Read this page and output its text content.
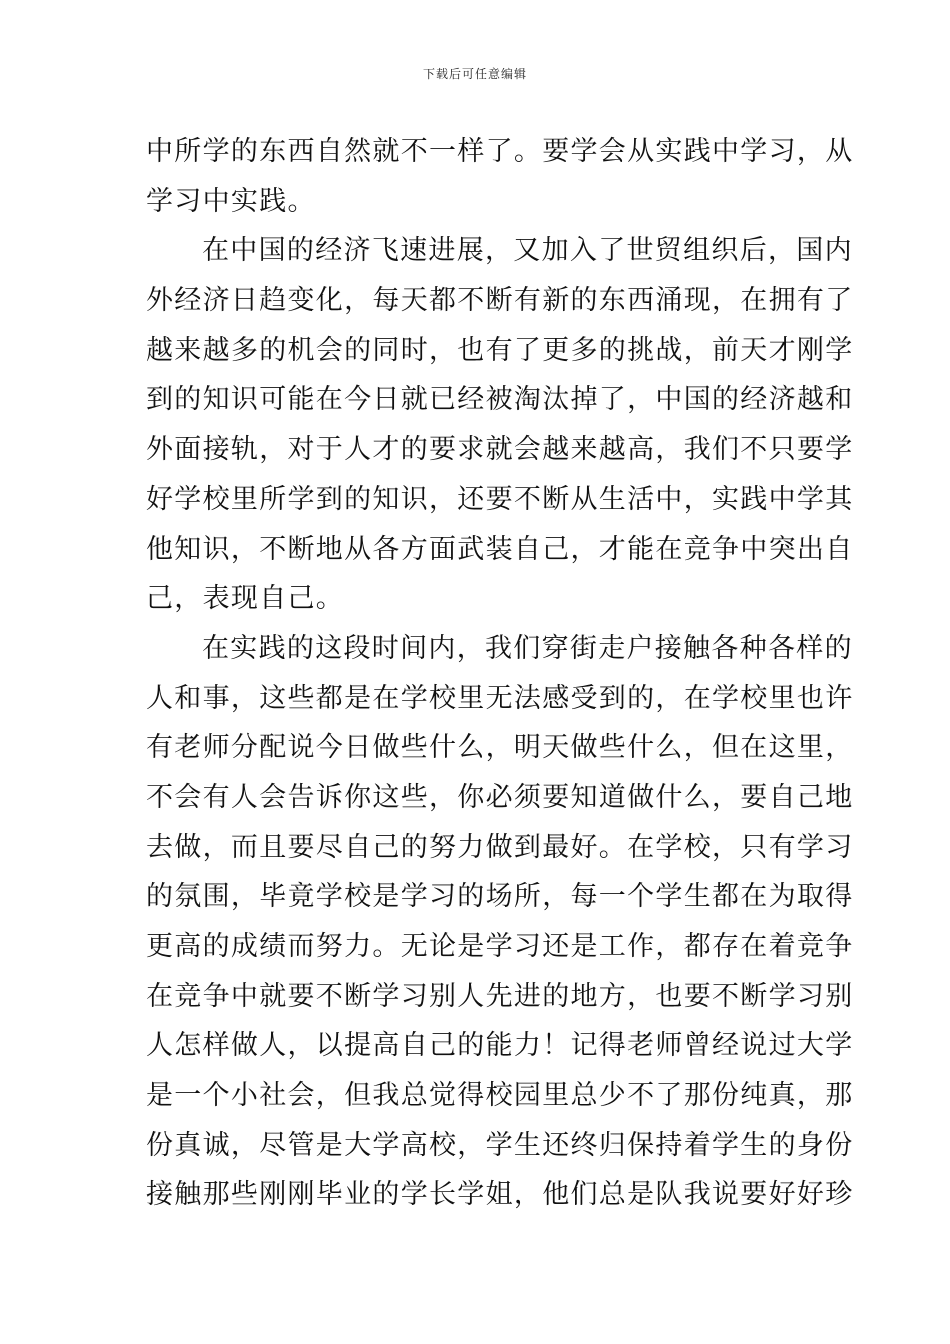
下载后可任意编辑
中所学的东西自然就不一样了。要学会从实践中学习，从
学习中实践。
在中国的经济飞速进展，又加入了世贸组织后，国内
外经济日趋变化，每天都不断有新的东西涌现，在拥有了
越来越多的机会的同时，也有了更多的挑战，前天才刚学
到的知识可能在今日就已经被淘汰掉了，中国的经济越和
外面接轨，对于人才的要求就会越来越高，我们不只要学
好学校里所学到的知识，还要不断从生活中，实践中学其
他知识，不断地从各方面武装自己，才能在竞争中突出自
己，表现自己。
在实践的这段时间内，我们穿街走户接触各种各样的
人和事，这些都是在学校里无法感受到的，在学校里也许
有老师分配说今日做些什么，明天做些什么，但在这里，
不会有人会告诉你这些，你必须要知道做什么，要自己地
去做，而且要尽自己的努力做到最好。在学校，只有学习
的氛围，毕竟学校是学习的场所，每一个学生都在为取得
更高的成绩而努力。无论是学习还是工作，都存在着竞争
在竞争中就要不断学习别人先进的地方，也要不断学习别
人怎样做人，以提高自己的能力！记得老师曾经说过大学
是一个小社会，但我总觉得校园里总少不了那份纯真，那
份真诚，尽管是大学高校，学生还终归保持着学生的身份
接触那些刚刚毕业的学长学姐，他们总是队我说要好好珍
